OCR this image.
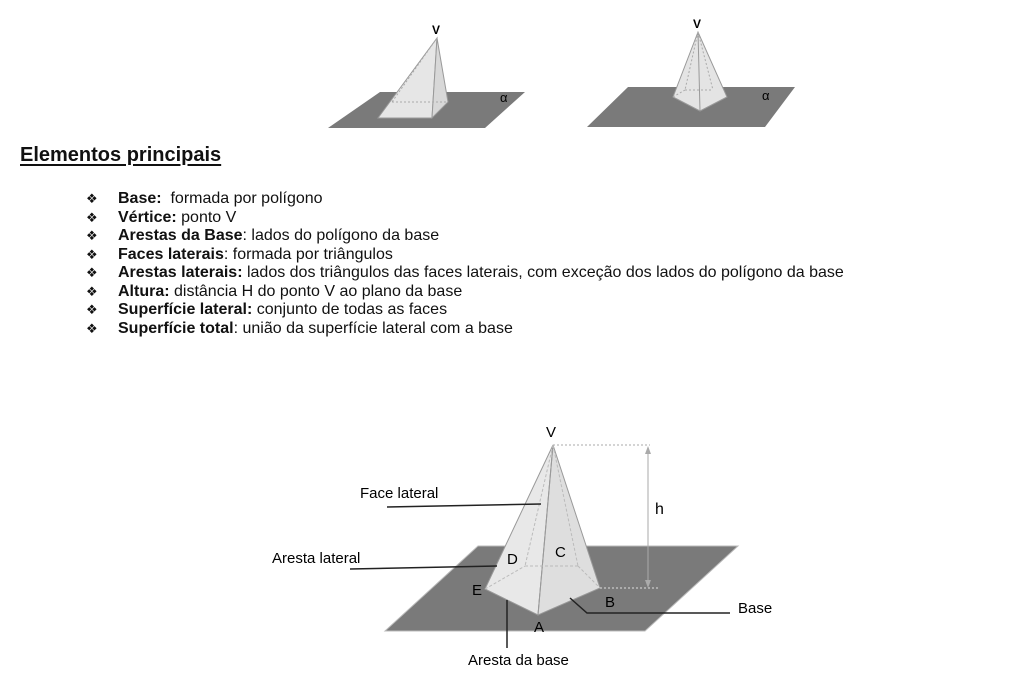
V
α
V
α
Elementos principais
❖	Base: formada por polígono
❖	Vértice: ponto V
❖	Arestas da Base : lados do polígono da base
❖	Faces laterais : formada por triângulos
❖	Arestas laterais: lados dos triângulos das faces laterais, com exceção dos lados do polígono da base
❖	Altura: distância H do ponto V ao plano da base
❖	Superfície lateral: conjunto de todas as faces
❖	Superfície total : união da superfície lateral com a base
V
h
A
B
C
D
E
Face lateral
Aresta lateral
Base
Aresta da base
